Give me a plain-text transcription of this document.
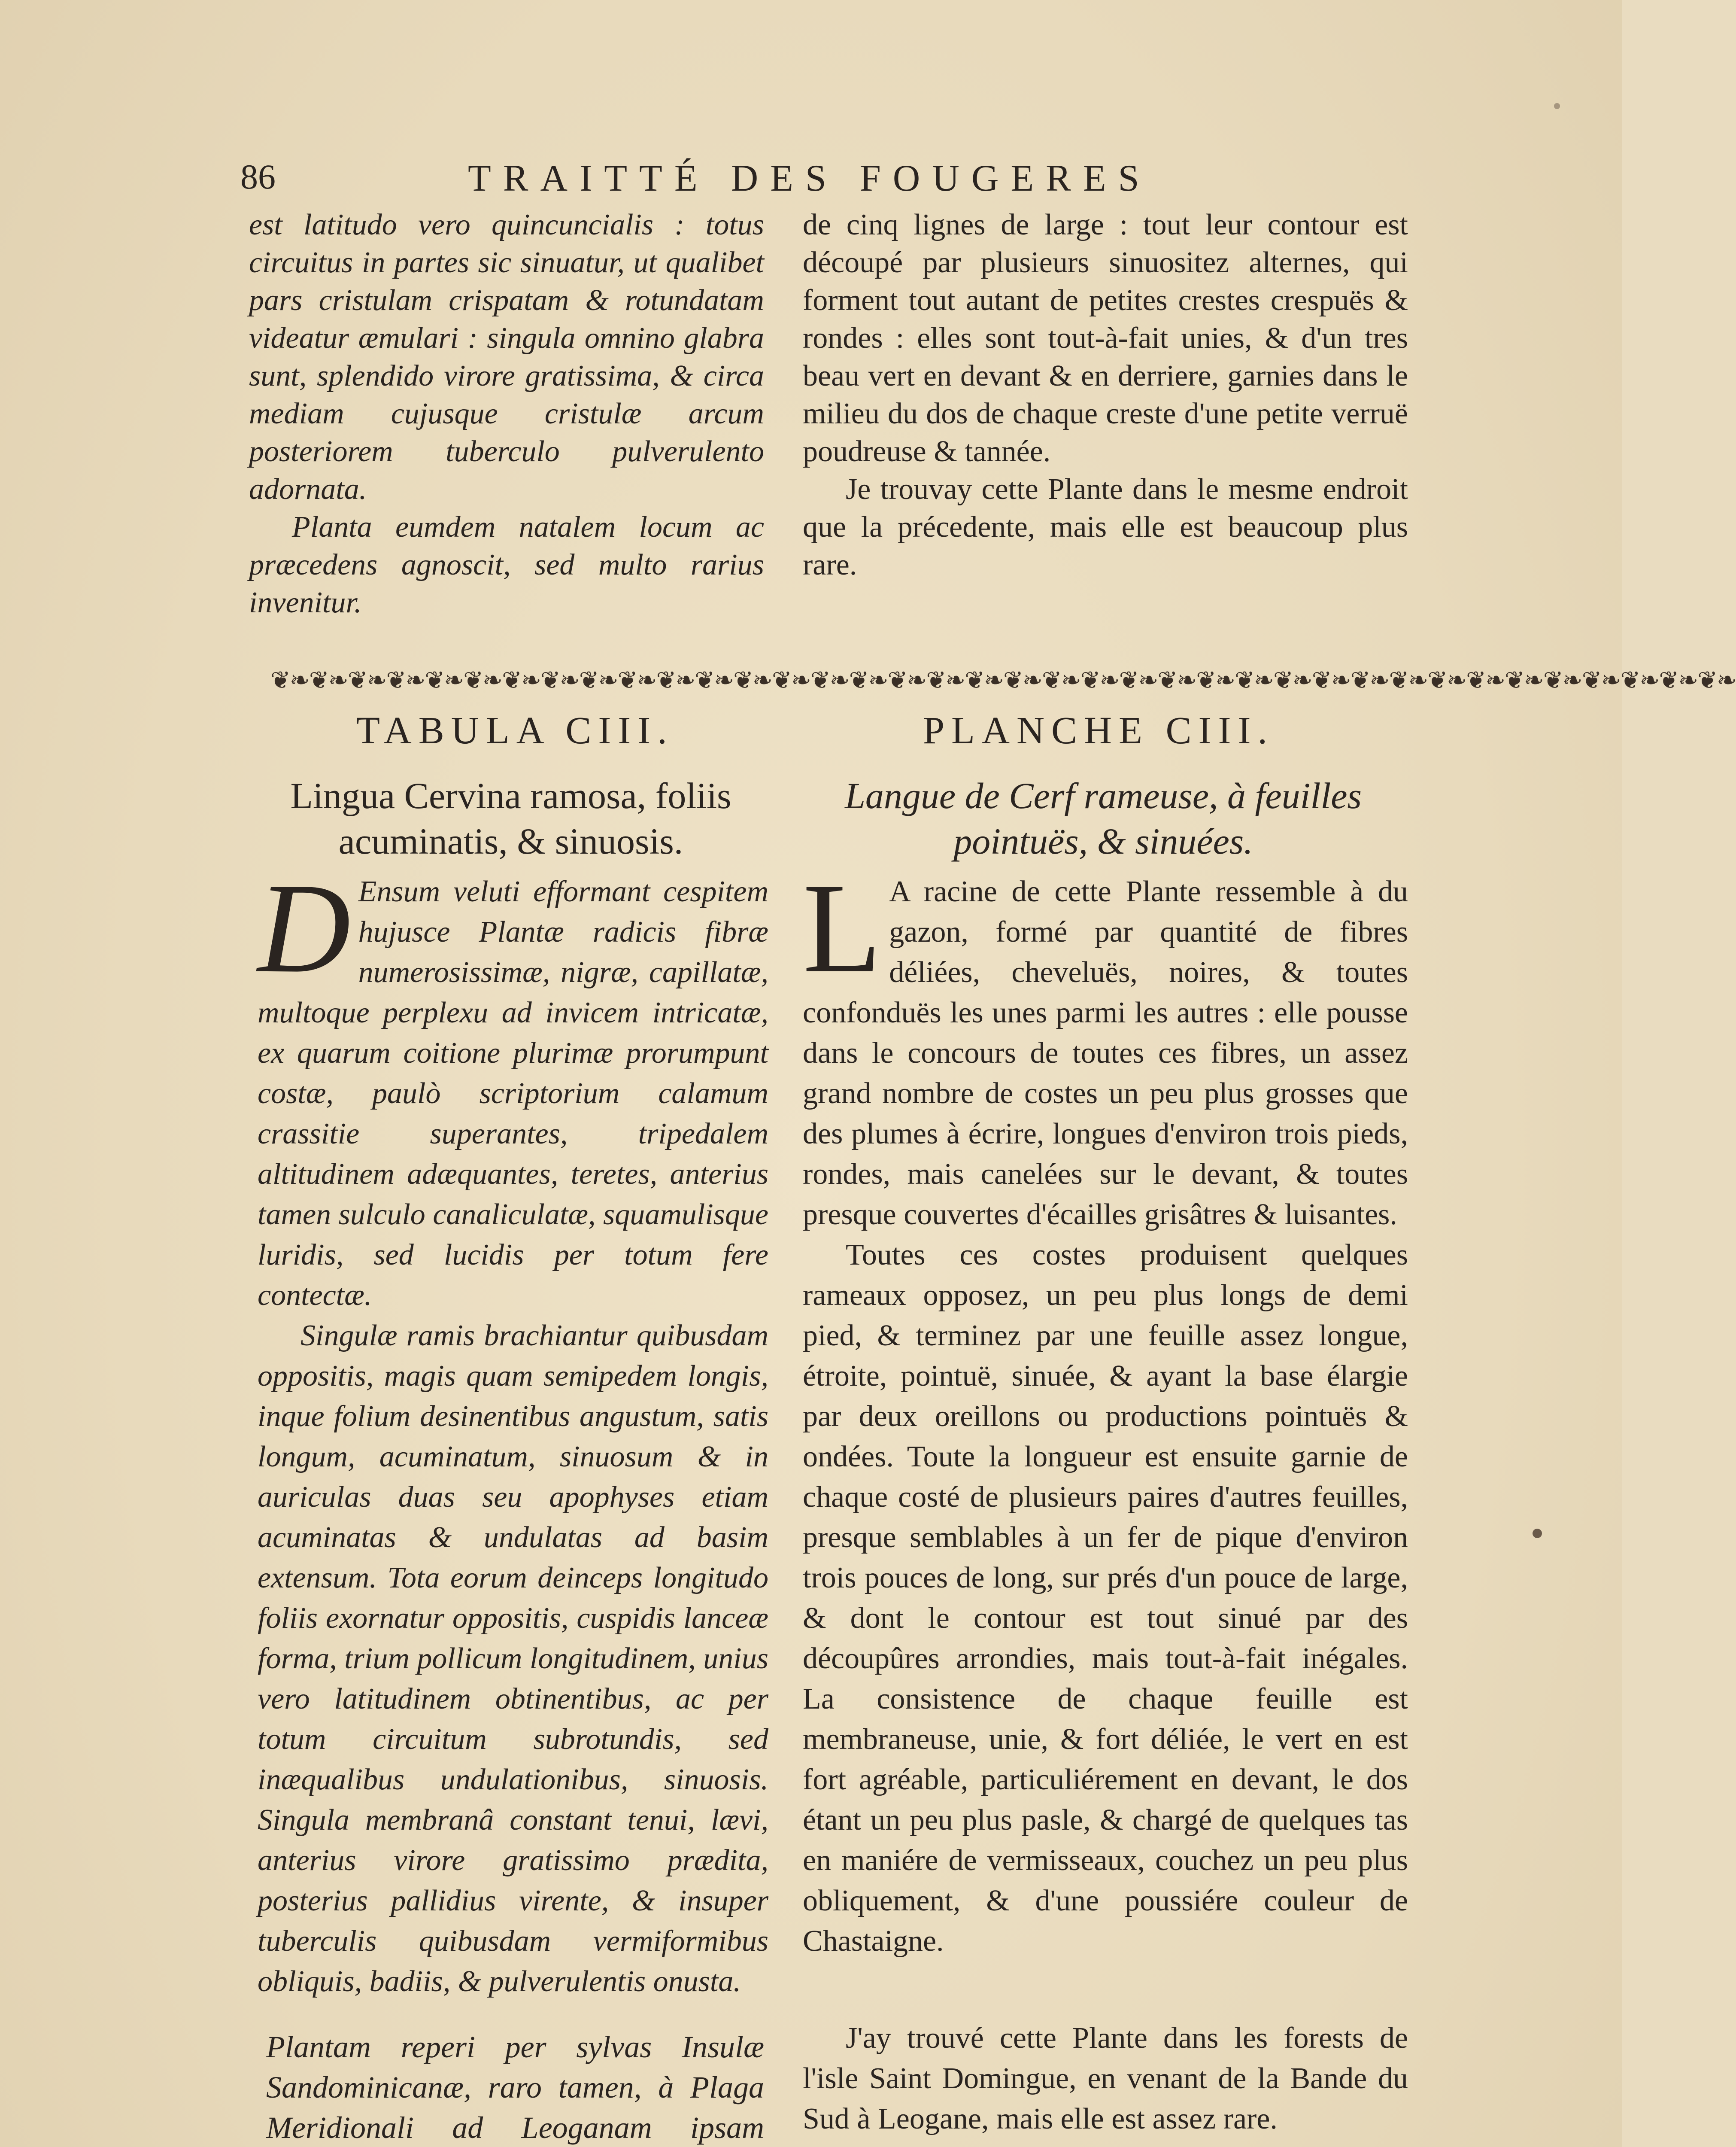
86	TRAITTÉ DES FOUGERES

est latitudo vero quincuncialis : totus circuitus in partes sic sinuatur, ut qualibet pars cristulam crispatam & rotundatam videatur æmulari : singula omnino glabra sunt, splendido virore gratissima, & circa mediam cujusque cristulæ arcum posteriorem tuberculo pulverulento adornata.

Planta eumdem natalem locum ac præcedens agnoscit, sed multo rarius invenitur.

de cinq lignes de large : tout leur contour est découpé par plusieurs sinuositez alternes, qui forment tout autant de petites crestes crespuës & rondes : elles sont tout-à-fait unies, & d'un tres beau vert en devant & en derriere, garnies dans le milieu du dos de chaque creste d'une petite verruë poudreuse & tannée.

Je trouvay cette Plante dans le mesme endroit que la précedente, mais elle est beaucoup plus rare.

❦❧❦❧❦❧❦❧❦❧❦❧❦❧❦❧❦❧❦❧❦❧❦❧❦❧❦❧❦❧❦❧❦❧❦❧❦❧❦❧❦❧❦❧❦❧❦❧❦❧❦❧❦❧❦❧❦❧❦❧❦❧❦❧❦❧❦❧❦❧❦❧❦❧❦❧
TABULA CIII.	PLANCHE CIII.
Lingua Cervina ramosa, foliis acuminatis, & sinuosis.
Langue de Cerf rameuse, à feuilles pointuës, & sinuées.

D Ensum veluti efformant cespitem hujusce Plantæ radicis fibræ numerosissimæ, nigræ, capillatæ, multoque perplexu ad invicem intricatæ, ex quarum coitione plurimæ prorumpunt costæ, paulò scriptorium calamum crassitie superantes, tripedalem altitudinem adæquantes, teretes, anterius tamen sulculo canaliculatæ, squamulisque luridis, sed lucidis per totum fere contectæ.

Singulæ ramis brachiantur quibusdam oppositis, magis quam semipedem longis, inque folium desinentibus angustum, satis longum, acuminatum, sinuosum & in auriculas duas seu apophyses etiam acuminatas & undulatas ad basim extensum. Tota eorum deinceps longitudo foliis exornatur oppositis, cuspidis lanceæ forma, trium pollicum longitudinem, unius vero latitudinem obtinentibus, ac per totum circuitum subrotundis, sed inæqualibus undulationibus, sinuosis. Singula membranâ constant tenui, lævi, anterius virore gratissimo prædita, posterius pallidius virente, & insuper tuberculis quibusdam vermiformibus obliquis, badiis, & pulverulentis onusta.

L A racine de cette Plante ressemble à du gazon, formé par quantité de fibres déliées, cheveluës, noires, & toutes confonduës les unes parmi les autres : elle pousse dans le concours de toutes ces fibres, un assez grand nombre de costes un peu plus grosses que des plumes à écrire, longues d'environ trois pieds, rondes, mais canelées sur le devant, & toutes presque couvertes d'écailles grisâtres & luisantes.

Toutes ces costes produisent quelques rameaux opposez, un peu plus longs de demi pied, & terminez par une feuille assez longue, étroite, pointuë, sinuée, & ayant la base élargie par deux oreillons ou productions pointuës & ondées. Toute la longueur est ensuite garnie de chaque costé de plusieurs paires d'autres feuilles, presque semblables à un fer de pique d'environ trois pouces de long, sur prés d'un pouce de large, & dont le contour est tout sinué par des découpûres arrondies, mais tout-à-fait inégales. La consistence de chaque feuille est membraneuse, unie, & fort déliée, le vert en est fort agréable, particuliérement en devant, le dos étant un peu plus pasle, & chargé de quelques tas en maniére de vermisseaux, couchez un peu plus obliquement, & d'une poussiére couleur de Chastaigne.

Plantam reperi per sylvas Insulæ Sandominicanæ, raro tamen, à Plaga Meridionali ad Leoganam ipsam

J'ay trouvé cette Plante dans les forests de l'isle Saint Domingue, en venant de la Bande du Sud à Leogane, mais elle est assez rare.
